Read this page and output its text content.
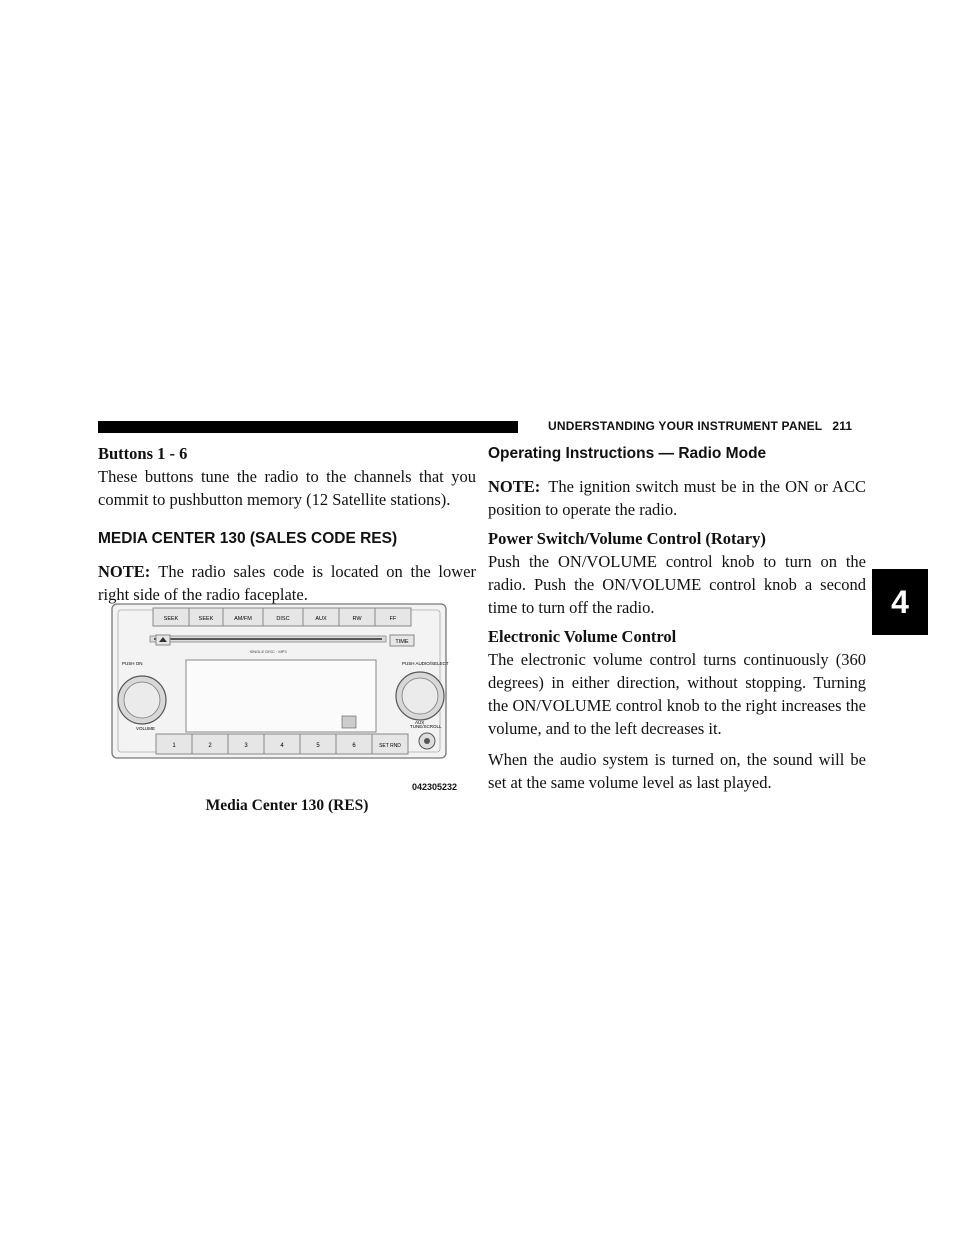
UNDERSTANDING YOUR INSTRUMENT PANEL 211
4

Buttons 1 - 6

These buttons tune the radio to the channels that you commit to pushbutton memory (12 Satellite stations).

MEDIA CENTER 130 (SALES CODE RES)

NOTE: The radio sales code is located on the lower right side of the radio faceplate.

SEEK	SEEK	AM/FM	DISC	AUX	RW	FF
SINGLE DISC · MP3
TIME
PUSH ON
VOLUME
PUSH AUDIO/SELECT
TUNE/SCROLL
1	2	3	4	5	6	SET RND
AUX
042305232
Media Center 130 (RES)

Operating Instructions — Radio Mode

NOTE: The ignition switch must be in the ON or ACC position to operate the radio.

Power Switch/Volume Control (Rotary)

Push the ON/VOLUME control knob to turn on the radio. Push the ON/VOLUME control knob a second time to turn off the radio.

Electronic Volume Control

The electronic volume control turns continuously (360 degrees) in either direction, without stopping. Turning the ON/VOLUME control knob to the right increases the volume, and to the left decreases it.

When the audio system is turned on, the sound will be set at the same volume level as last played.
